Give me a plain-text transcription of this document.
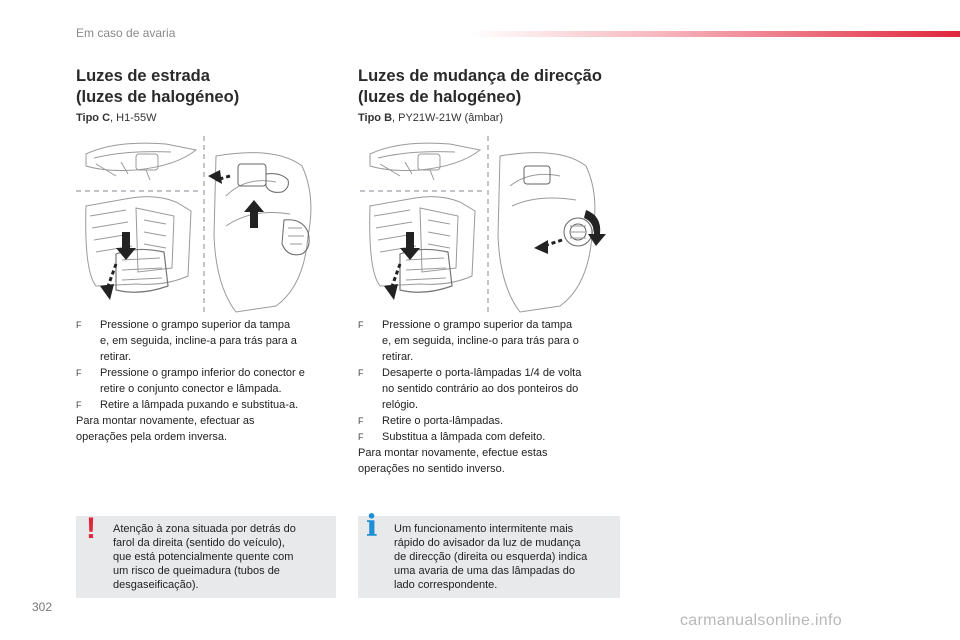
Em caso de avaria
Luzes de estrada
(luzes de halogéneo)
Tipo C, H1-55W
F Pressione o grampo superior da tampa
e, em seguida, incline-a para trás para a
retirar.
F Pressione o grampo inferior do conector e
retire o conjunto conector e lâmpada.
F Retire a lâmpada puxando e substitua-a.
Para montar novamente, efectuar as
operações pela ordem inversa.
! Atenção à zona situada por detrás do
farol da direita (sentido do veículo),
que está potencialmente quente com
um risco de queimadura (tubos de
desgaseificação).
Luzes de mudança de direcção
(luzes de halogéneo)
Tipo B, PY21W-21W (âmbar)
F Pressione o grampo superior da tampa
e, em seguida, incline-o para trás para o
retirar.
F Desaperte o porta-lâmpadas 1/4 de volta
no sentido contrário ao dos ponteiros do
relógio.
F Retire o porta-lâmpadas.
F Substitua a lâmpada com defeito.
Para montar novamente, efectue estas
operações no sentido inverso.
i Um funcionamento intermitente mais
rápido do avisador da luz de mudança
de direcção (direita ou esquerda) indica
uma avaria de uma das lâmpadas do
lado correspondente.
302
carmanualsonline.info
